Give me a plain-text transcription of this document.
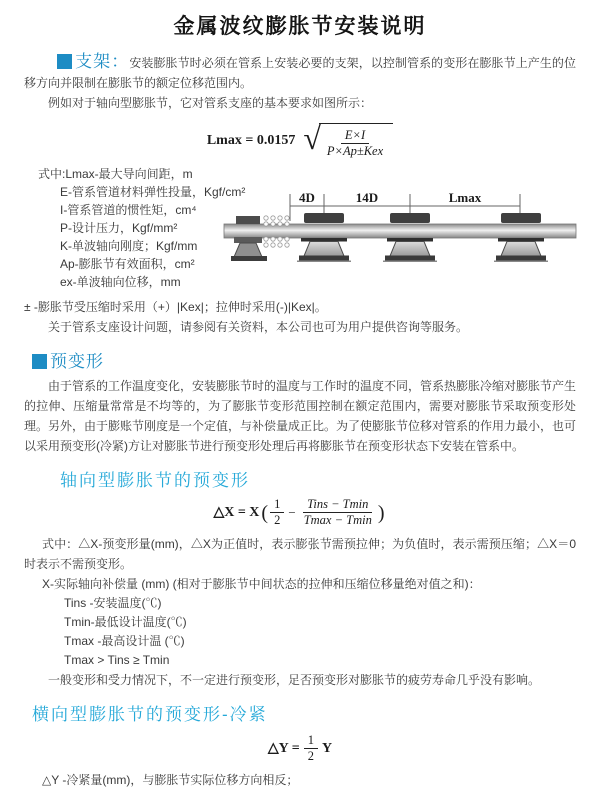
金属波纹膨胀节安装说明

支架：安装膨胀节时必须在管系上安装必要的支架，以控制管系的变形在膨胀节上产生的位移方向并限制在膨胀节的额定位移范围内。

例如对于轴向型膨胀节，它对管系支座的基本要求如图所示：

Lmax = 0.0157 √ $\frac{E\times I}{\text{P×Ap±Kex}}$
式中:Lmax-最大导向间距，m
E-管系管道材料弹性投量，Kgf/cm²
I-管系管道的惯性矩，cm⁴
P-设计压力，Kgf/mm²
K-单波轴向刚度；Kgf/mm
Ap-膨胀节有效面积，cm²
ex-单波轴向位移，mm
4D	14D	Lmax

± -膨胀节受压缩时采用（+）|Kex|；拉伸时采用(-)|Kex|。

关于管系支座设计问题，请参阅有关资料，本公司也可为用户提供咨询等服务。

预变形

由于管系的工作温度变化，安装膨胀节时的温度与工作时的温度不同，管系热膨胀冷缩对膨胀节产生的拉伸、压缩量常常是不均等的，为了膨胀节变形范围控制在额定范围内，需要对膨胀节采取预变形处理。另外，由于膨账节刚度是一个定值，与补偿量成正比。为了使膨胀节位移对管系的作用力最小，也可以采用预变形(冷紧)方让对膨胀节进行预变形处理后再将膨胀节在预变形状态下安装在管系中。

轴向型膨胀节的预变形
△X = X ( $\frac{1}{2} - \frac{\text{Tins − Tmin}}{Tmax - Tmin}$ )

式中：△X-预变形量(mm)，△X为正值时，表示膨张节需预拉伸；为负值时，表示需预压缩；△X＝0时表示不需预变形。

X-实际轴向补偿量 (mm) (相对于膨胀节中间状态的拉伸和压缩位移量绝对值之和)：

Tins -安装温度(℃)
Tmin-最低设计温度(℃)
Tmax -最高设计温 (℃)
Tmax > Tins ≥ Tmin

一般变形和受力情况下，不一定进行预变形，足否预变形对膨胀节的疲劳寿命几乎没有影响。

横向型膨胀节的预变形-冷紧
△Y = $\frac{1}{2}$ Y

△Y -冷紧量(mm)，与膨胀节实际位移方向相反；
